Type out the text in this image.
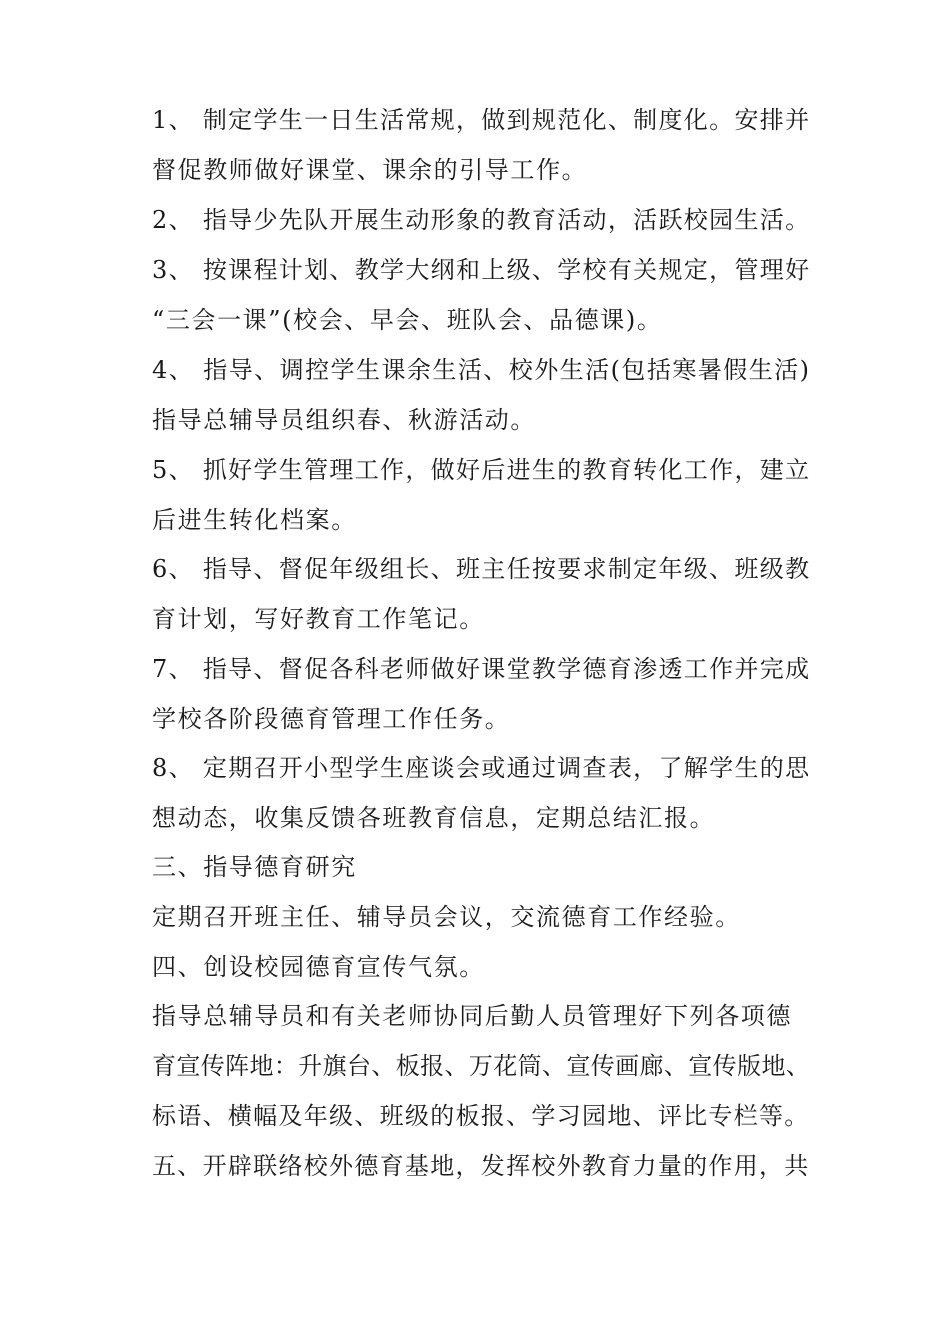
1、 制定学生一日生活常规，做到规范化、制度化。安排并
督促教师做好课堂、课余的引导工作。
2、 指导少先队开展生动形象的教育活动，活跃校园生活。
3、 按课程计划、教学大纲和上级、学校有关规定，管理好
“三会一课”(校会、早会、班队会、品德课)。
4、 指导、调控学生课余生活、校外生活(包括寒暑假生活)
指导总辅导员组织春、秋游活动。
5、 抓好学生管理工作，做好后进生的教育转化工作，建立
后进生转化档案。
6、 指导、督促年级组长、班主任按要求制定年级、班级教
育计划，写好教育工作笔记。
7、 指导、督促各科老师做好课堂教学德育渗透工作并完成
学校各阶段德育管理工作任务。
8、 定期召开小型学生座谈会或通过调查表，了解学生的思
想动态，收集反馈各班教育信息，定期总结汇报。
三、指导德育研究
定期召开班主任、辅导员会议，交流德育工作经验。
四、创设校园德育宣传气氛。
指导总辅导员和有关老师协同后勤人员管理好下列各项德
育宣传阵地：升旗台、板报、万花筒、宣传画廊、宣传版地、
标语、横幅及年级、班级的板报、学习园地、评比专栏等。
五、开辟联络校外德育基地，发挥校外教育力量的作用，共
